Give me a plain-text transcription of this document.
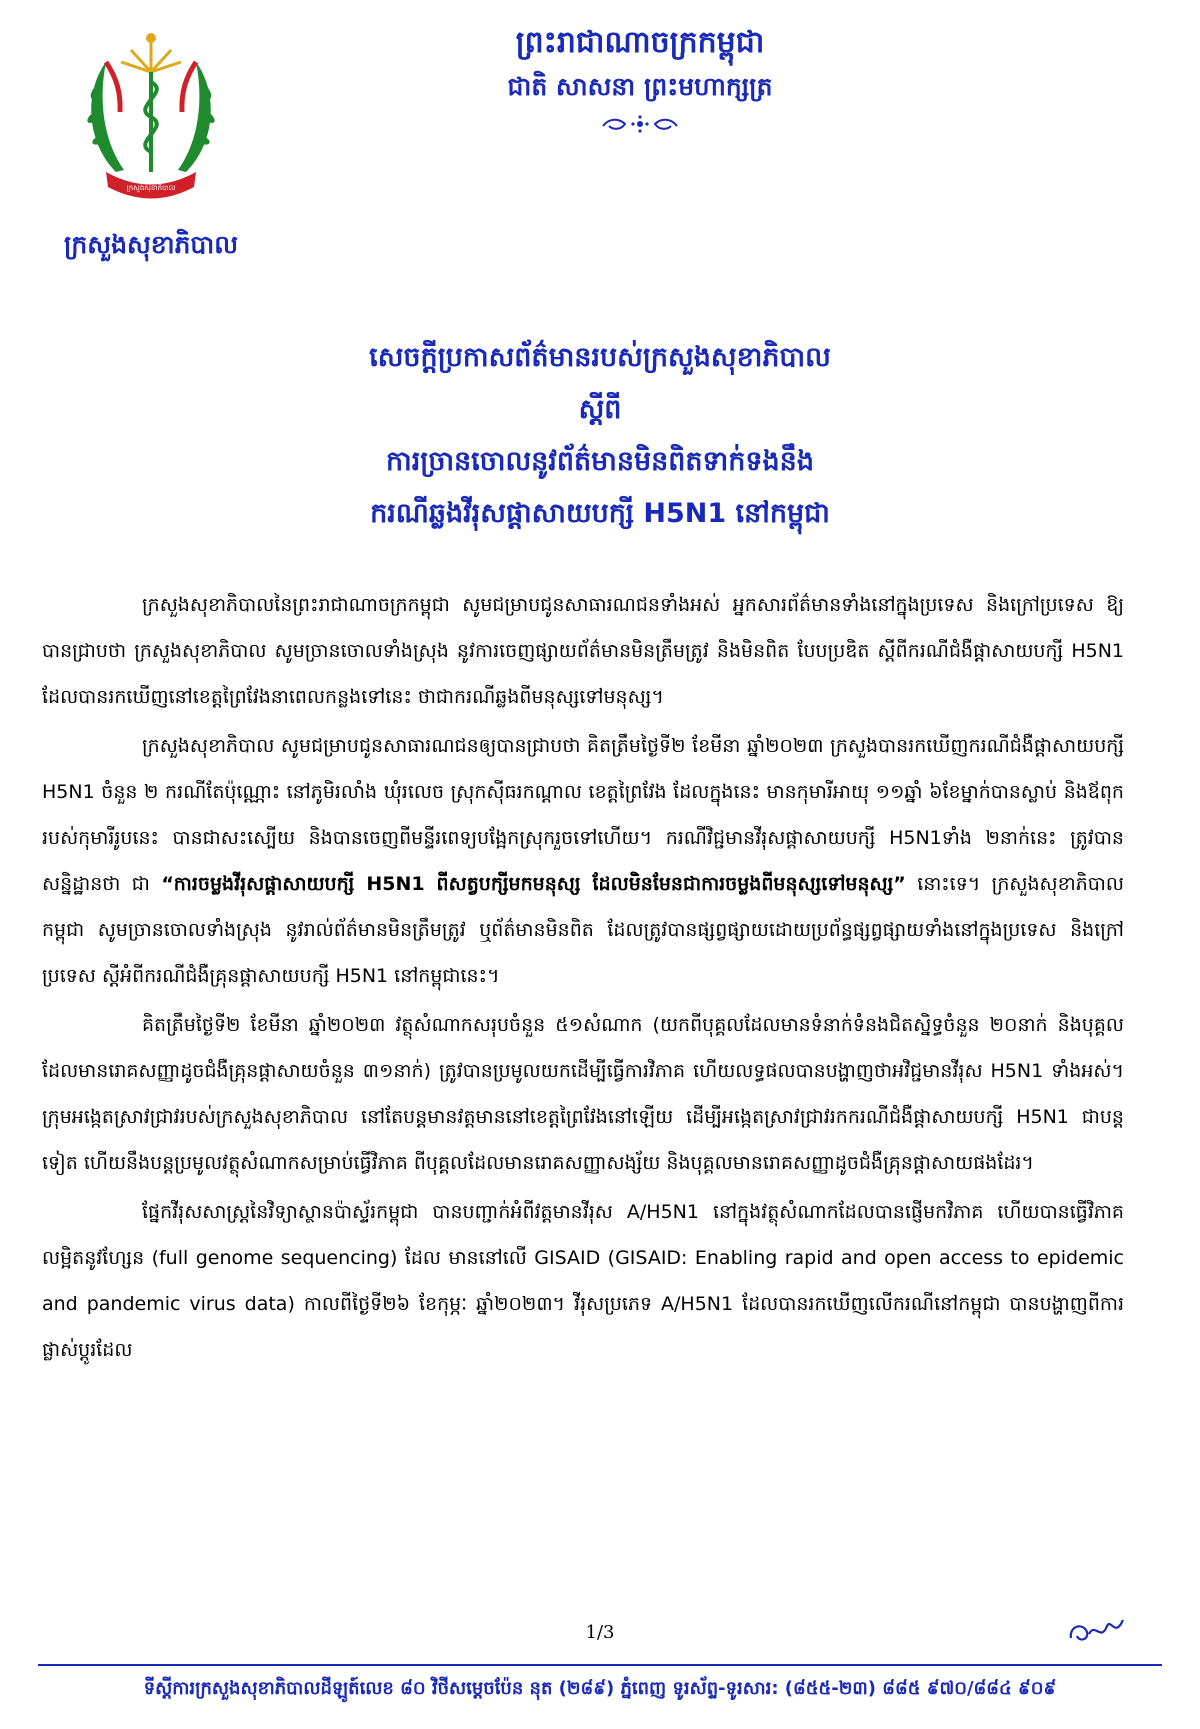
ក្រសួងសុខាភិបាល
ក្រសួងសុខាភិបាល
ព្រះរាជាណាចក្រកម្ពុជា
ជាតិ សាសនា ព្រះមហាក្សត្រ
សេចក្តីប្រកាសព័ត៌មានរបស់ក្រសួងសុខាភិបាល
ស្តីពី
ការច្រានចោលនូវព័ត៌មានមិនពិតទាក់ទងនឹង
ករណីឆ្លងវីរុសផ្តាសាយបក្សី H5N1 នៅកម្ពុជា

ក្រសួងសុខាភិបាលនៃព្រះរាជាណាចក្រកម្ពុជា សូមជម្រាបជូនសាធារណជនទាំងអស់ អ្នកសារព័ត៌មានទាំងនៅក្នុងប្រទេស និងក្រៅប្រទេស ឱ្យបានជ្រាបថា ក្រសួងសុខាភិបាល សូមច្រានចោលទាំងស្រុង នូវការចេញផ្សាយព័ត៌មានមិនត្រឹមត្រូវ និងមិនពិត បែបប្រឌិត ស្តីពីករណីជំងឺផ្តាសាយបក្សី H5N1 ដែលបានរកឃើញនៅខេត្តព្រៃវែងនាពេលកន្លងទៅនេះ ថាជាករណីឆ្លងពីមនុស្សទៅមនុស្ស។

ក្រសួងសុខាភិបាល សូមជម្រាបជូនសាធារណជនឲ្យបានជ្រាបថា គិតត្រឹមថ្ងៃទី២ ខែមីនា ឆ្នាំ២០២៣ ក្រសួងបានរកឃើញករណីជំងឺផ្តាសាយបក្សី H5N1 ចំនួន ២ ករណីតែប៉ុណ្ណោះ នៅភូមិរលាំង ឃុំរលេច ស្រុកស៊ីធរកណ្តាល ខេត្តព្រៃវែង ដែលក្នុងនេះ មានកុមារីអាយុ ១១ឆ្នាំ ៦ខែម្នាក់បានស្លាប់ និងឪពុករបស់កុមារីរូបនេះ បានជាសះស្បើយ និងបានចេញពីមន្ទីរពេទ្យបង្អែកស្រុករួចទៅហើយ។ ករណីវិជ្ជមានវីរុសផ្តាសាយបក្សី H5N1ទាំង ២នាក់នេះ ត្រូវបានសន្និដ្ឋានថា ជា “ការចម្លងវីរុសផ្តាសាយបក្សី H5N1 ពីសត្វបក្សីមកមនុស្ស ដែលមិនមែនជាការចម្លងពីមនុស្សទៅមនុស្ស” នោះទេ។ ក្រសួងសុខាភិបាលកម្ពុជា សូមច្រានចោលទាំងស្រុង នូវរាល់ព័ត៌មានមិនត្រឹមត្រូវ ឬព័ត៌មានមិនពិត ដែលត្រូវបានផ្សព្វផ្សាយដោយប្រព័ន្ធផ្សព្វផ្សាយទាំងនៅក្នុងប្រទេស និងក្រៅប្រទេស ស្តីអំពីករណីជំងឺគ្រុនផ្តាសាយបក្សី H5N1 នៅកម្ពុជានេះ។

គិតត្រឹមថ្ងៃទី២ ខែមីនា ឆ្នាំ២០២៣ វត្ថុសំណាកសរុបចំនួន ៥១សំណាក (យកពីបុគ្គលដែលមានទំនាក់ទំនងជិតស្និទ្ធចំនួន ២០នាក់ និងបុគ្គលដែលមានរោគសញ្ញាដូចជំងឺគ្រុនផ្តាសាយចំនួន ៣១នាក់) ត្រូវបានប្រមូលយកដើម្បីធ្វើការវិភាគ ហើយលទ្ធផលបានបង្ហាញថាអវិជ្ជមានវីរុស H5N1 ទាំងអស់។ ក្រុមអង្កេតស្រាវជ្រាវរបស់ក្រសួងសុខាភិបាល នៅតែបន្តមានវត្តមាននៅខេត្តព្រៃវែងនៅឡើយ ដើម្បីអង្កេតស្រាវជ្រាវរកករណីជំងឺផ្តាសាយបក្សី H5N1 ជាបន្តទៀត ហើយនឹងបន្តប្រមូលវត្ថុសំណាកសម្រាប់ធ្វើវិភាគ ពីបុគ្គលដែលមានរោគសញ្ញាសង្ស័យ និងបុគ្គលមានរោគសញ្ញាដូចជំងឺគ្រុនផ្តាសាយផងដែរ។

ផ្នែកវីរុសសាស្ត្រនៃវិទ្យាស្ថានប៉ាស្ទ័រកម្ពុជា បានបញ្ជាក់អំពីវត្តមានវីរុស A/H5N1 នៅក្នុងវត្ថុសំណាកដែលបានផ្ញើមកវិភាគ ហើយបានធ្វើវិភាគលម្អិតនូវហ្សែន (full genome sequencing) ដែល មាននៅលើ GISAID (GISAID: Enabling rapid and open access to epidemic and pandemic virus data) កាលពីថ្ងៃទី២៦ ខែកុម្ភៈ ឆ្នាំ២០២៣។ វីរុសប្រភេទ A/H5N1 ដែលបានរកឃើញលើករណីនៅកម្ពុជា បានបង្ហាញពីការផ្លាស់ប្តូរដែល

1/3
ទីស្តីការក្រសួងសុខាភិបាលដីឡូត៍លេខ ៨០ វិថីសម្តេចប៉ែន នុត (២៨៩) ភ្នំពេញ ទូរស័ព្ទ-ទូរសារ: (៨៥៥-២៣) ៨៨៥ ៩៧០/៨៨៤ ៩០៩
